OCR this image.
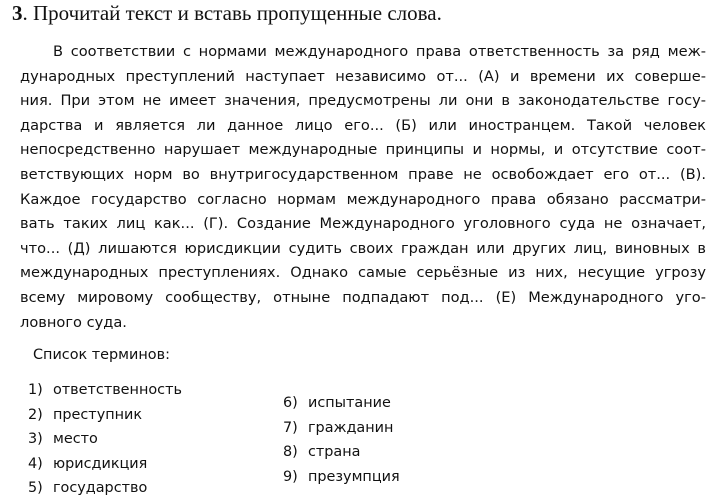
3. Прочитай текст и вставь пропущенные слова.
В соответствии с нормами международного права ответственность за ряд меж-
дународных преступлений наступает независимо от... (А) и времени их соверше-
ния. При этом не имеет значения, предусмотрены ли они в законодательстве госу-
дарства и является ли данное лицо его... (Б) или иностранцем. Такой человек
непосредственно нарушает международные принципы и нормы, и отсутствие соот-
ветствующих норм во внутригосударственном праве не освобождает его от... (В).
Каждое государство согласно нормам международного права обязано рассматри-
вать таких лиц как... (Г). Создание Международного уголовного суда не означает,
что... (Д) лишаются юрисдикции судить своих граждан или других лиц, виновных в
международных преступлениях. Однако самые серьёзные из них, несущие угрозу
всему мировому сообществу, отныне подпадают под... (Е) Международного уго-
ловного суда.
Список терминов:
1) ответственность
2) преступник
3) место
4) юрисдикция
5) государство
6) испытание
7) гражданин
8) страна
9) презумпция
